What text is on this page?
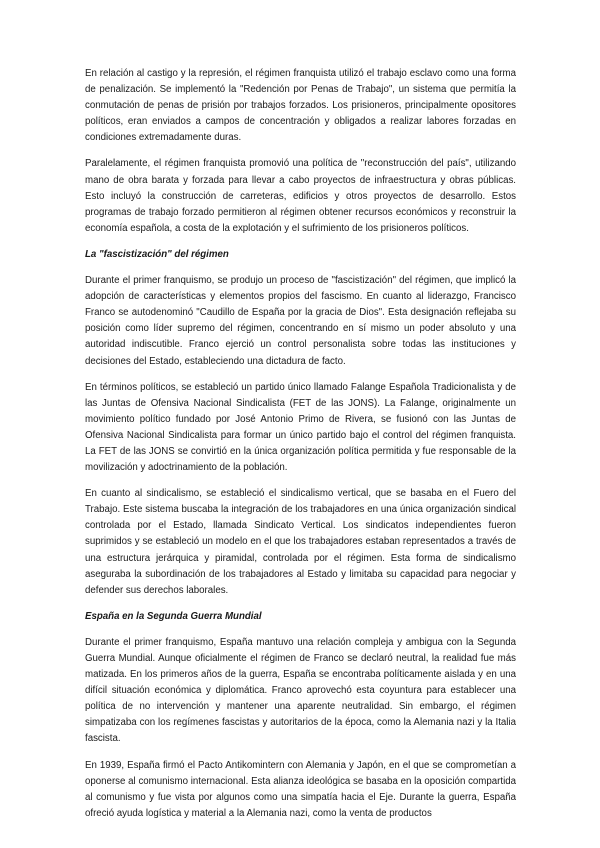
En relación al castigo y la represión, el régimen franquista utilizó el trabajo esclavo como una forma de penalización. Se implementó la "Redención por Penas de Trabajo", un sistema que permitía la conmutación de penas de prisión por trabajos forzados. Los prisioneros, principalmente opositores políticos, eran enviados a campos de concentración y obligados a realizar labores forzadas en condiciones extremadamente duras.

Paralelamente, el régimen franquista promovió una política de "reconstrucción del país", utilizando mano de obra barata y forzada para llevar a cabo proyectos de infraestructura y obras públicas. Esto incluyó la construcción de carreteras, edificios y otros proyectos de desarrollo. Estos programas de trabajo forzado permitieron al régimen obtener recursos económicos y reconstruir la economía española, a costa de la explotación y el sufrimiento de los prisioneros políticos.

La "fascistización" del régimen

Durante el primer franquismo, se produjo un proceso de "fascistización" del régimen, que implicó la adopción de características y elementos propios del fascismo. En cuanto al liderazgo, Francisco Franco se autodenominó "Caudillo de España por la gracia de Dios". Esta designación reflejaba su posición como líder supremo del régimen, concentrando en sí mismo un poder absoluto y una autoridad indiscutible. Franco ejerció un control personalista sobre todas las instituciones y decisiones del Estado, estableciendo una dictadura de facto.

En términos políticos, se estableció un partido único llamado Falange Española Tradicionalista y de las Juntas de Ofensiva Nacional Sindicalista (FET de las JONS). La Falange, originalmente un movimiento político fundado por José Antonio Primo de Rivera, se fusionó con las Juntas de Ofensiva Nacional Sindicalista para formar un único partido bajo el control del régimen franquista. La FET de las JONS se convirtió en la única organización política permitida y fue responsable de la movilización y adoctrinamiento de la población.

En cuanto al sindicalismo, se estableció el sindicalismo vertical, que se basaba en el Fuero del Trabajo. Este sistema buscaba la integración de los trabajadores en una única organización sindical controlada por el Estado, llamada Sindicato Vertical. Los sindicatos independientes fueron suprimidos y se estableció un modelo en el que los trabajadores estaban representados a través de una estructura jerárquica y piramidal, controlada por el régimen. Esta forma de sindicalismo aseguraba la subordinación de los trabajadores al Estado y limitaba su capacidad para negociar y defender sus derechos laborales.

España en la Segunda Guerra Mundial

Durante el primer franquismo, España mantuvo una relación compleja y ambigua con la Segunda Guerra Mundial. Aunque oficialmente el régimen de Franco se declaró neutral, la realidad fue más matizada. En los primeros años de la guerra, España se encontraba políticamente aislada y en una difícil situación económica y diplomática. Franco aprovechó esta coyuntura para establecer una política de no intervención y mantener una aparente neutralidad. Sin embargo, el régimen simpatizaba con los regímenes fascistas y autoritarios de la época, como la Alemania nazi y la Italia fascista.

En 1939, España firmó el Pacto Antikomintern con Alemania y Japón, en el que se comprometían a oponerse al comunismo internacional. Esta alianza ideológica se basaba en la oposición compartida al comunismo y fue vista por algunos como una simpatía hacia el Eje. Durante la guerra, España ofreció ayuda logística y material a la Alemania nazi, como la venta de productos
